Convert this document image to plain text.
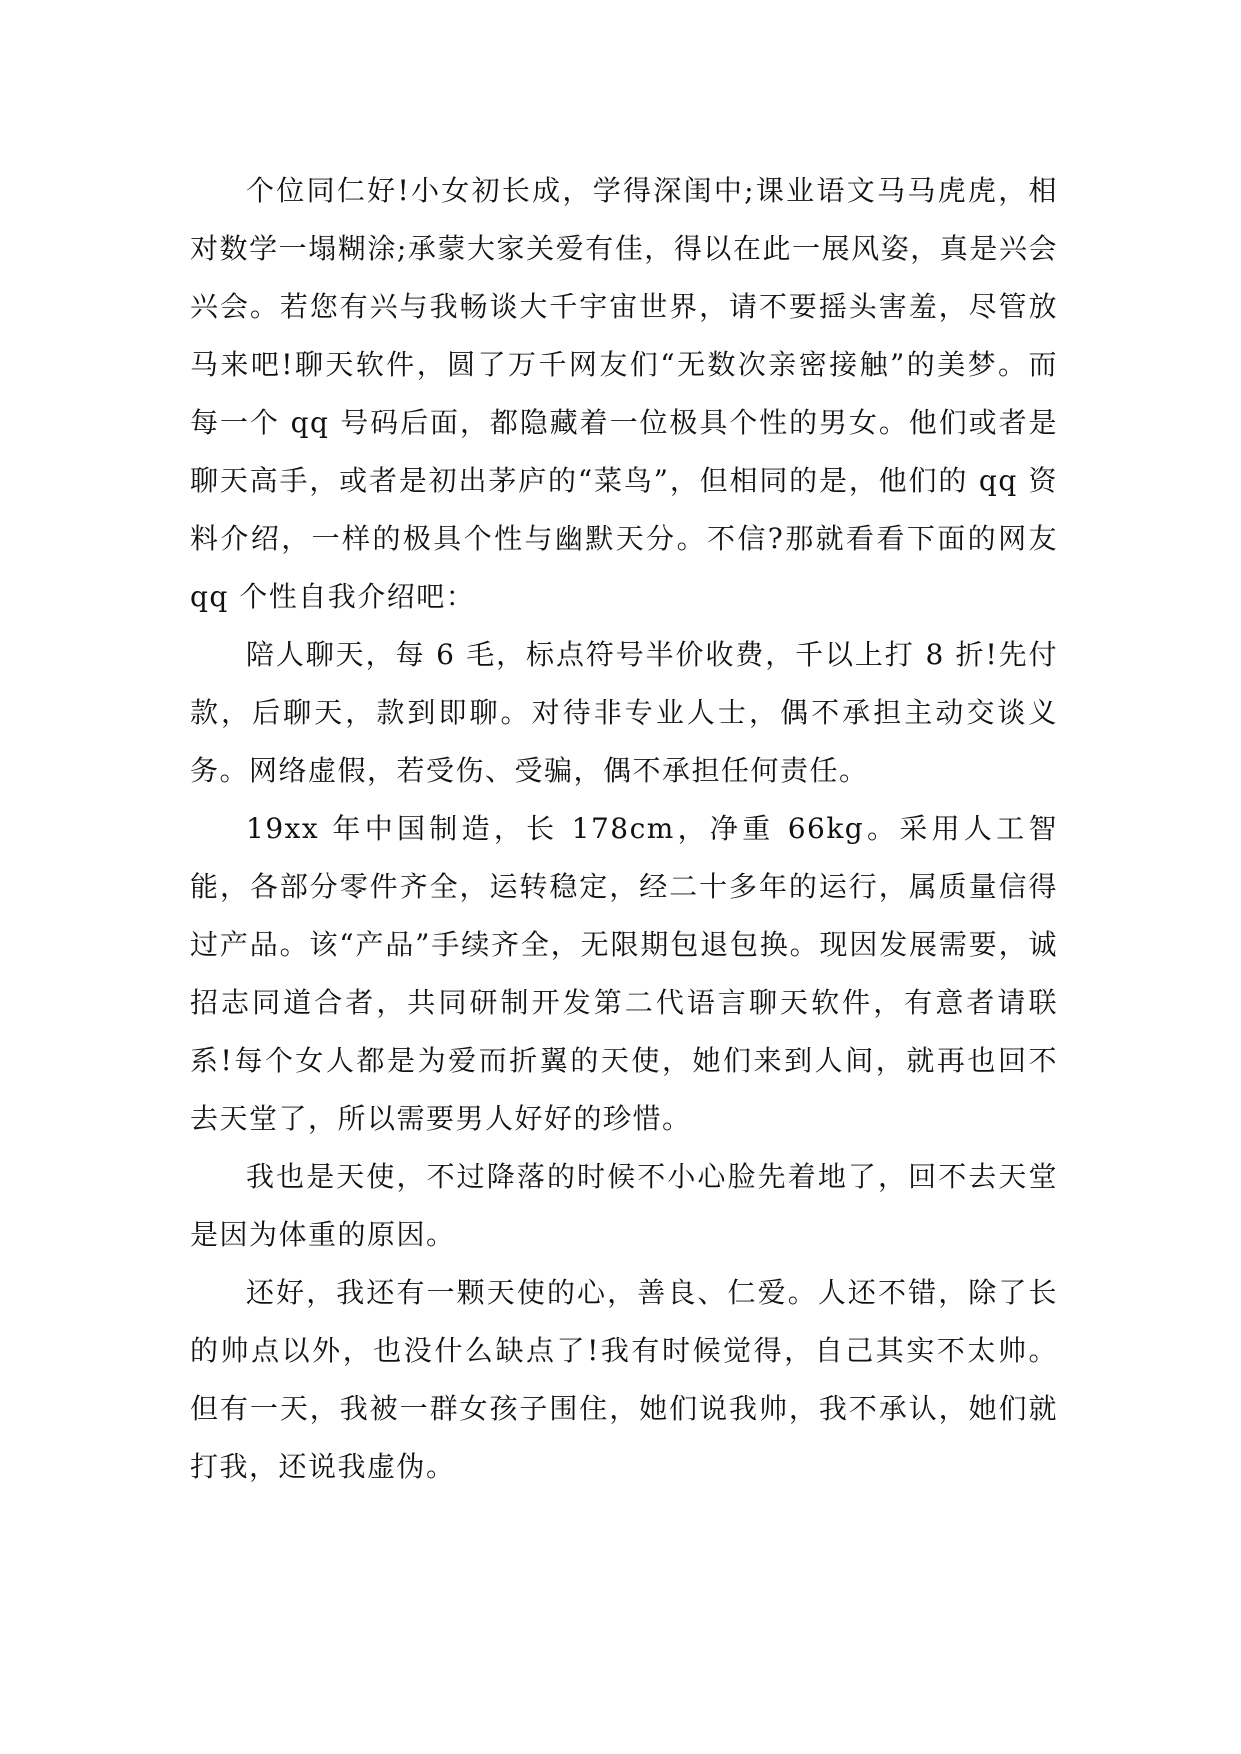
个位同仁好!小女初长成，学得深闺中;课业语文马马虎虎，相对数学一塌糊涂;承蒙大家关爱有佳，得以在此一展风姿，真是兴会兴会。若您有兴与我畅谈大千宇宙世界，请不要摇头害羞，尽管放马来吧!聊天软件，圆了万千网友们“无数次亲密接触”的美梦。而每一个 qq 号码后面，都隐藏着一位极具个性的男女。他们或者是聊天高手，或者是初出茅庐的“菜鸟”，但相同的是，他们的 qq 资料介绍，一样的极具个性与幽默天分。不信?那就看看下面的网友 qq 个性自我介绍吧：

陪人聊天，每 6 毛，标点符号半价收费，千以上打 8 折!先付款，后聊天，款到即聊。对待非专业人士，偶不承担主动交谈义务。网络虚假，若受伤、受骗，偶不承担任何责任。

19xx 年中国制造，长 178cm，净重 66kg。采用人工智能，各部分零件齐全，运转稳定，经二十多年的运行，属质量信得过产品。该“产品”手续齐全，无限期包退包换。现因发展需要，诚招志同道合者，共同研制开发第二代语言聊天软件，有意者请联系!每个女人都是为爱而折翼的天使，她们来到人间，就再也回不去天堂了，所以需要男人好好的珍惜。

我也是天使，不过降落的时候不小心脸先着地了，回不去天堂是因为体重的原因。

还好，我还有一颗天使的心，善良、仁爱。人还不错，除了长的帅点以外，也没什么缺点了!我有时候觉得，自己其实不太帅。但有一天，我被一群女孩子围住，她们说我帅，我不承认，她们就打我，还说我虚伪。
